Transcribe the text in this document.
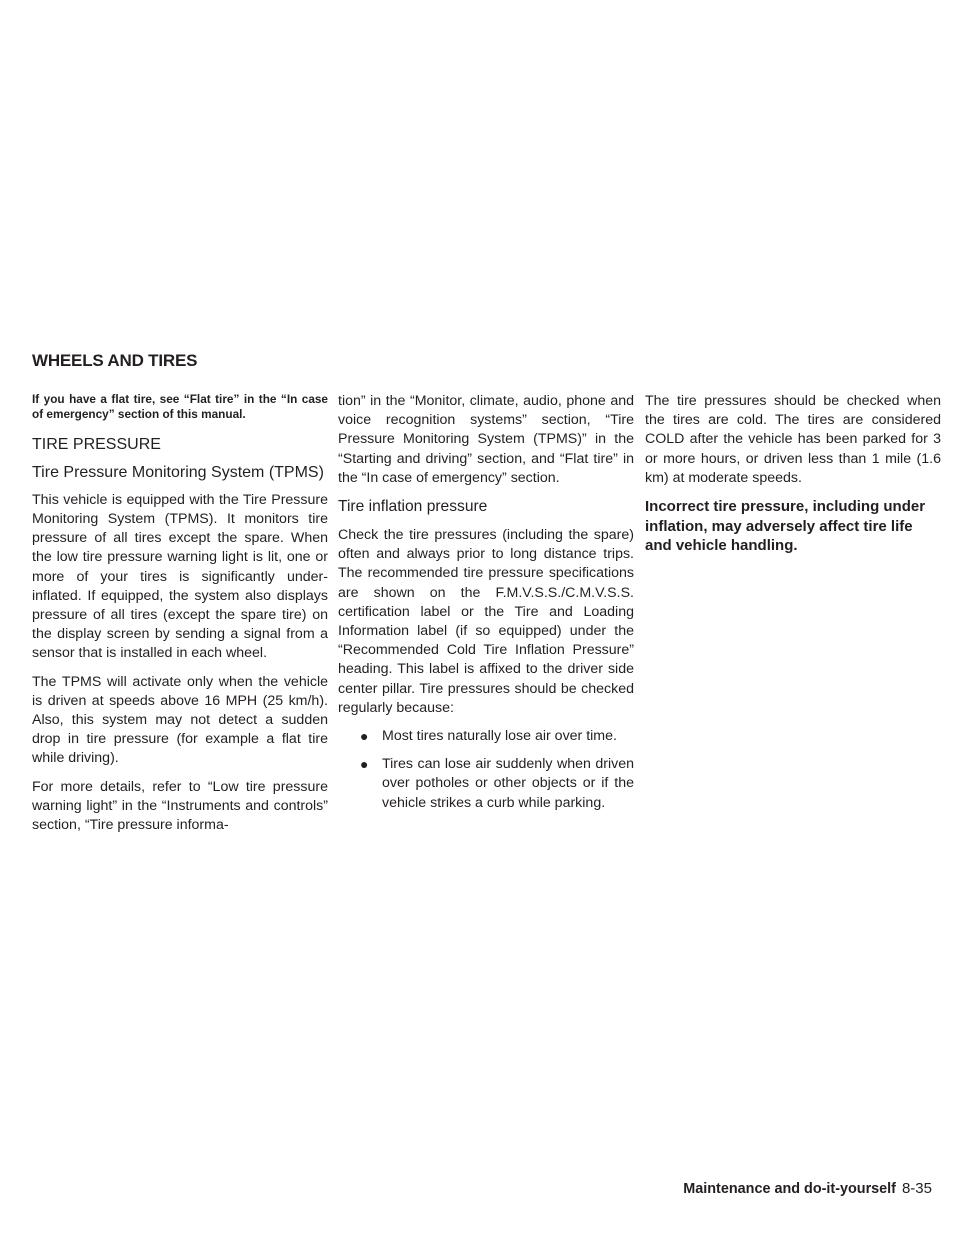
WHEELS AND TIRES

If you have a flat tire, see “Flat tire” in the “In case of emergency” section of this manual.

TIRE PRESSURE
Tire Pressure Monitoring System (TPMS)

This vehicle is equipped with the Tire Pressure Monitoring System (TPMS). It monitors tire pressure of all tires except the spare. When the low tire pressure warning light is lit, one or more of your tires is significantly under-inflated. If equipped, the system also displays pressure of all tires (except the spare tire) on the display screen by sending a signal from a sensor that is installed in each wheel.

The TPMS will activate only when the vehicle is driven at speeds above 16 MPH (25 km/h). Also, this system may not detect a sudden drop in tire pressure (for example a flat tire while driving).

For more details, refer to “Low tire pressure warning light” in the “Instruments and controls” section, “Tire pressure informa-

tion” in the “Monitor, climate, audio, phone and voice recognition systems” section, “Tire Pressure Monitoring System (TPMS)” in the “Starting and driving” section, and “Flat tire” in the “In case of emergency” section.

Tire inflation pressure

Check the tire pressures (including the spare) often and always prior to long distance trips. The recommended tire pressure specifications are shown on the F.M.V.S.S./C.M.V.S.S. certification label or the Tire and Loading Information label (if so equipped) under the “Recommended Cold Tire Inflation Pressure” heading. This label is affixed to the driver side center pillar. Tire pressures should be checked regularly because:

● Most tires naturally lose air over time.
● Tires can lose air suddenly when driven over potholes or other objects or if the vehicle strikes a curb while parking.

The tire pressures should be checked when the tires are cold. The tires are considered COLD after the vehicle has been parked for 3 or more hours, or driven less than 1 mile (1.6 km) at moderate speeds.

Incorrect tire pressure, including under inflation, may adversely affect tire life and vehicle handling.

Maintenance and do-it-yourself 8-35
